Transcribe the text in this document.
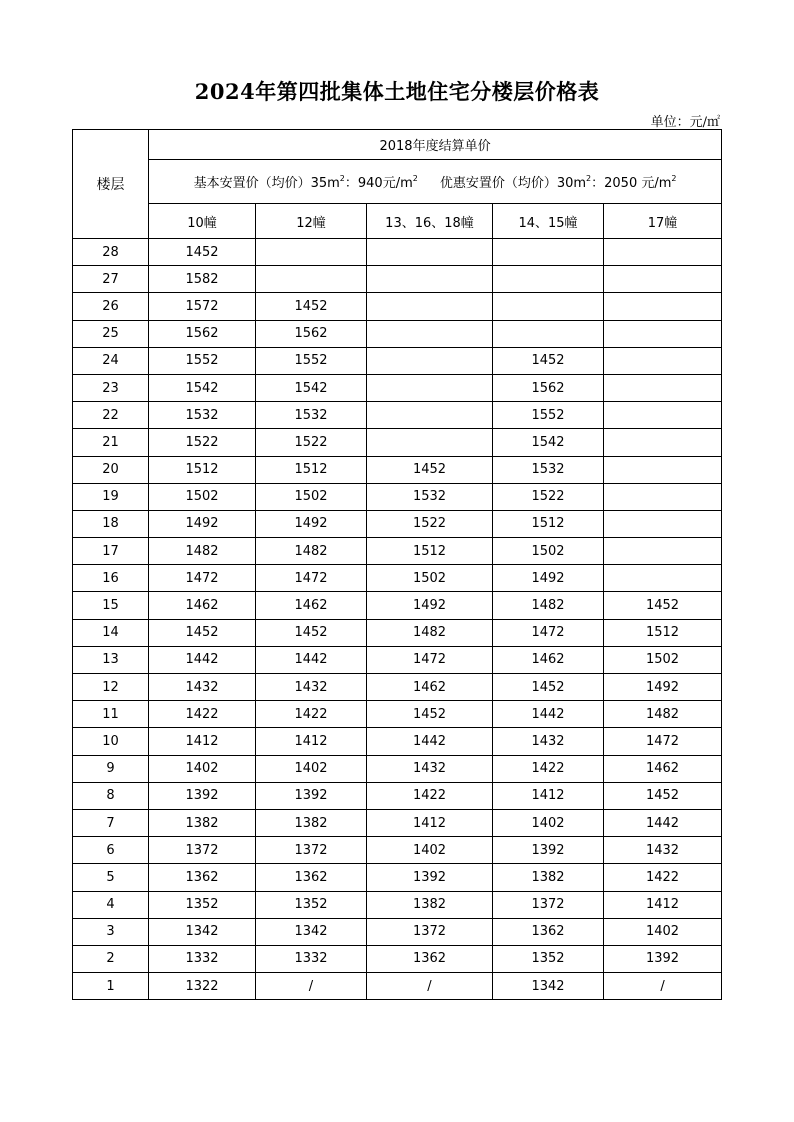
2024年第四批集体土地住宅分楼层价格表
单位：元/㎡
楼层	2018年度结算单价				
	基本安置价（均价）$35m^2$：940元$/m^2$ 优惠安置价（均价）$30m^2$：2050 元$/m^2$
	10幢	12幢	13、16、18幢	14、15幢	17幢
28	1452				
27	1582				
26	1572	1452			
25	1562	1562			
24	1552	1552		1452	
23	1542	1542		1562	
22	1532	1532		1552	
21	1522	1522		1542	
20	1512	1512	1452	1532	
19	1502	1502	1532	1522	
18	1492	1492	1522	1512	
17	1482	1482	1512	1502	
16	1472	1472	1502	1492	
15	1462	1462	1492	1482	1452
14	1452	1452	1482	1472	1512
13	1442	1442	1472	1462	1502
12	1432	1432	1462	1452	1492
11	1422	1422	1452	1442	1482
10	1412	1412	1442	1432	1472
9	1402	1402	1432	1422	1462
8	1392	1392	1422	1412	1452
7	1382	1382	1412	1402	1442
6	1372	1372	1402	1392	1432
5	1362	1362	1392	1382	1422
4	1352	1352	1382	1372	1412
3	1342	1342	1372	1362	1402
2	1332	1332	1362	1352	1392
1	1322	/	/	1342	/
